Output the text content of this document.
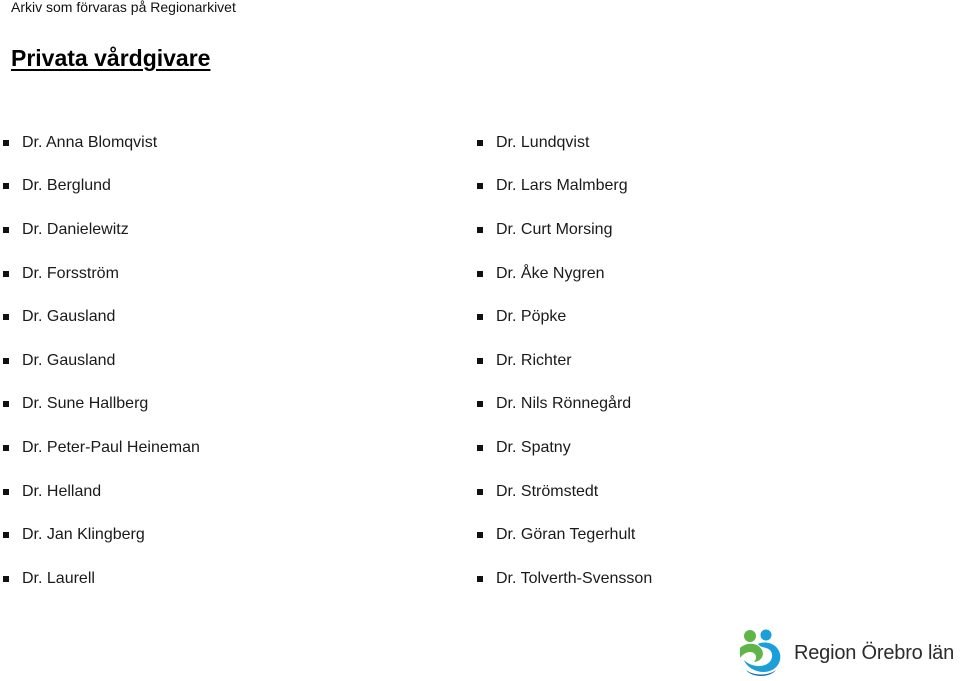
Arkiv som förvaras på Regionarkivet
Privata vårdgivare
Dr. Anna Blomqvist
Dr. Berglund
Dr. Danielewitz
Dr. Forsström
Dr. Gausland
Dr. Gausland
Dr. Sune Hallberg
Dr. Peter-Paul Heineman
Dr. Helland
Dr. Jan Klingberg
Dr. Laurell
Dr. Lundqvist
Dr. Lars Malmberg
Dr. Curt Morsing
Dr. Åke Nygren
Dr. Pöpke
Dr. Richter
Dr. Nils Rönnegård
Dr. Spatny
Dr. Strömstedt
Dr. Göran Tegerhult
Dr. Tolverth-Svensson
Region Örebro län
